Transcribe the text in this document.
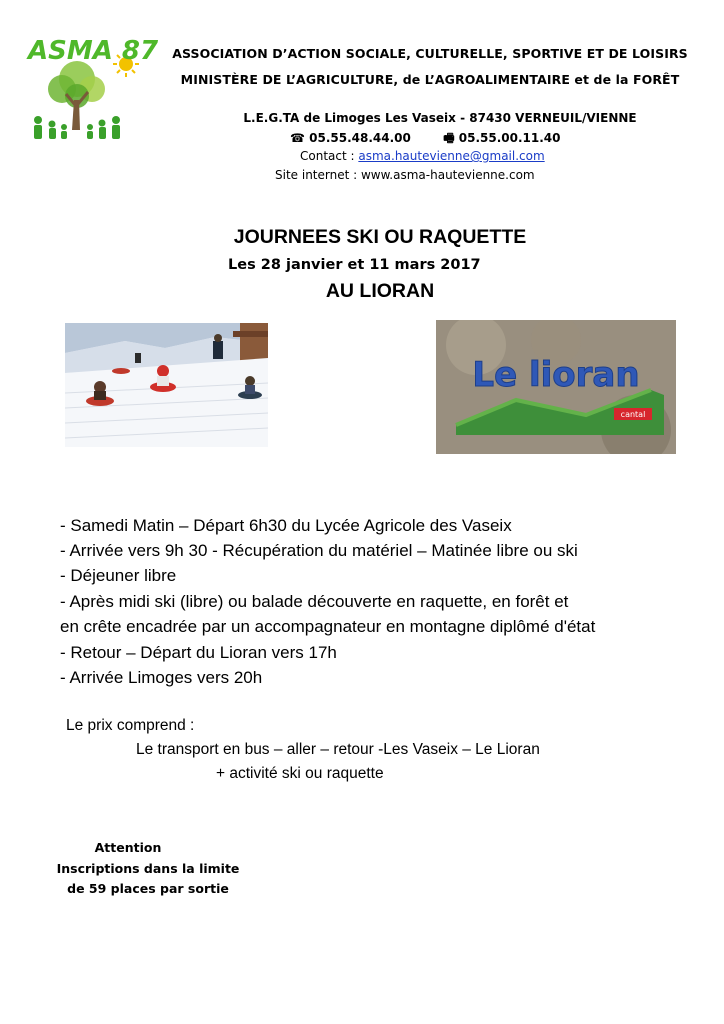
ASMA 87	ASSOCIATION D’ACTION SOCIALE, CULTURELLE, SPORTIVE ET DE LOISIRS
MINISTÈRE DE L’AGRICULTURE, de L’AGROALIMENTAIRE et de la FORÊT
L.E.G.TA de Limoges Les Vaseix - 87430 VERNEUIL/VIENNE
☎ 05.55.48.44.00	🖷 05.55.00.11.40
Contact : asma.hautevienne@gmail.com
Site internet : www.asma-hautevienne.com
JOURNEES SKI OU RAQUETTE
Les 28 janvier et 11 mars 2017
AU LIORAN
cantal
Le lioran
- Samedi Matin – Départ 6h30 du Lycée Agricole des Vaseix
- Arrivée vers 9h 30 - Récupération du matériel – Matinée libre ou ski
- Déjeuner libre
- Après midi ski (libre) ou balade découverte en raquette, en forêt et
en crête encadrée par un accompagnateur en montagne diplômé d'état
- Retour – Départ du Lioran vers 17h
- Arrivée Limoges vers 20h
Le prix comprend :
Le transport en bus – aller – retour -Les Vaseix – Le Lioran
+ activité ski ou raquette
Attention
Inscriptions dans la limite
de 59 places par sortie
